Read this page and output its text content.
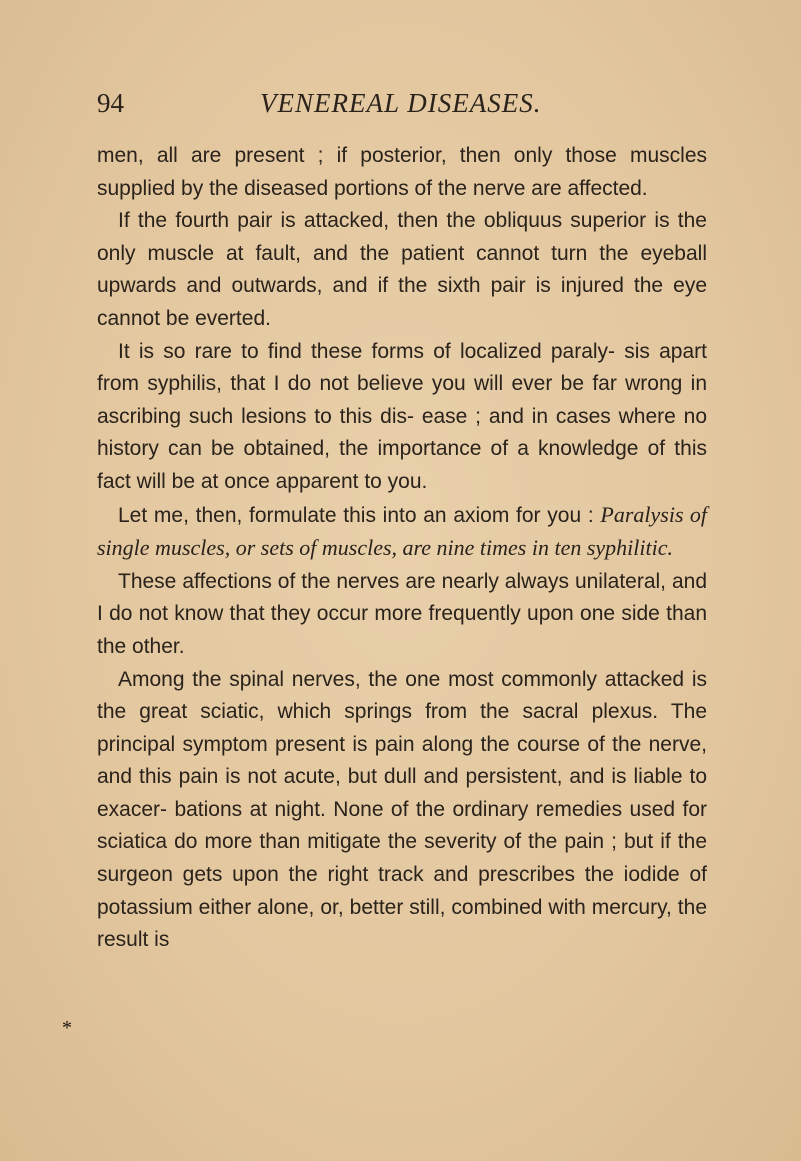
94	VENEREAL DISEASES.

men, all are present ; if posterior, then only those muscles supplied by the diseased portions of the nerve are affected.

If the fourth pair is attacked, then the obliquus superior is the only muscle at fault, and the patient cannot turn the eyeball upwards and outwards, and if the sixth pair is injured the eye cannot be everted.

It is so rare to find these forms of localized paraly- sis apart from syphilis, that I do not believe you will ever be far wrong in ascribing such lesions to this dis- ease ; and in cases where no history can be obtained, the importance of a knowledge of this fact will be at once apparent to you.

Let me, then, formulate this into an axiom for you : Paralysis of single muscles, or sets of muscles, are nine times in ten syphilitic.

These affections of the nerves are nearly always unilateral, and I do not know that they occur more frequently upon one side than the other.

Among the spinal nerves, the one most commonly attacked is the great sciatic, which springs from the sacral plexus. The principal symptom present is pain along the course of the nerve, and this pain is not acute, but dull and persistent, and is liable to exacer- bations at night. None of the ordinary remedies used for sciatica do more than mitigate the severity of the pain ; but if the surgeon gets upon the right track and prescribes the iodide of potassium either alone, or, better still, combined with mercury, the result is

*
